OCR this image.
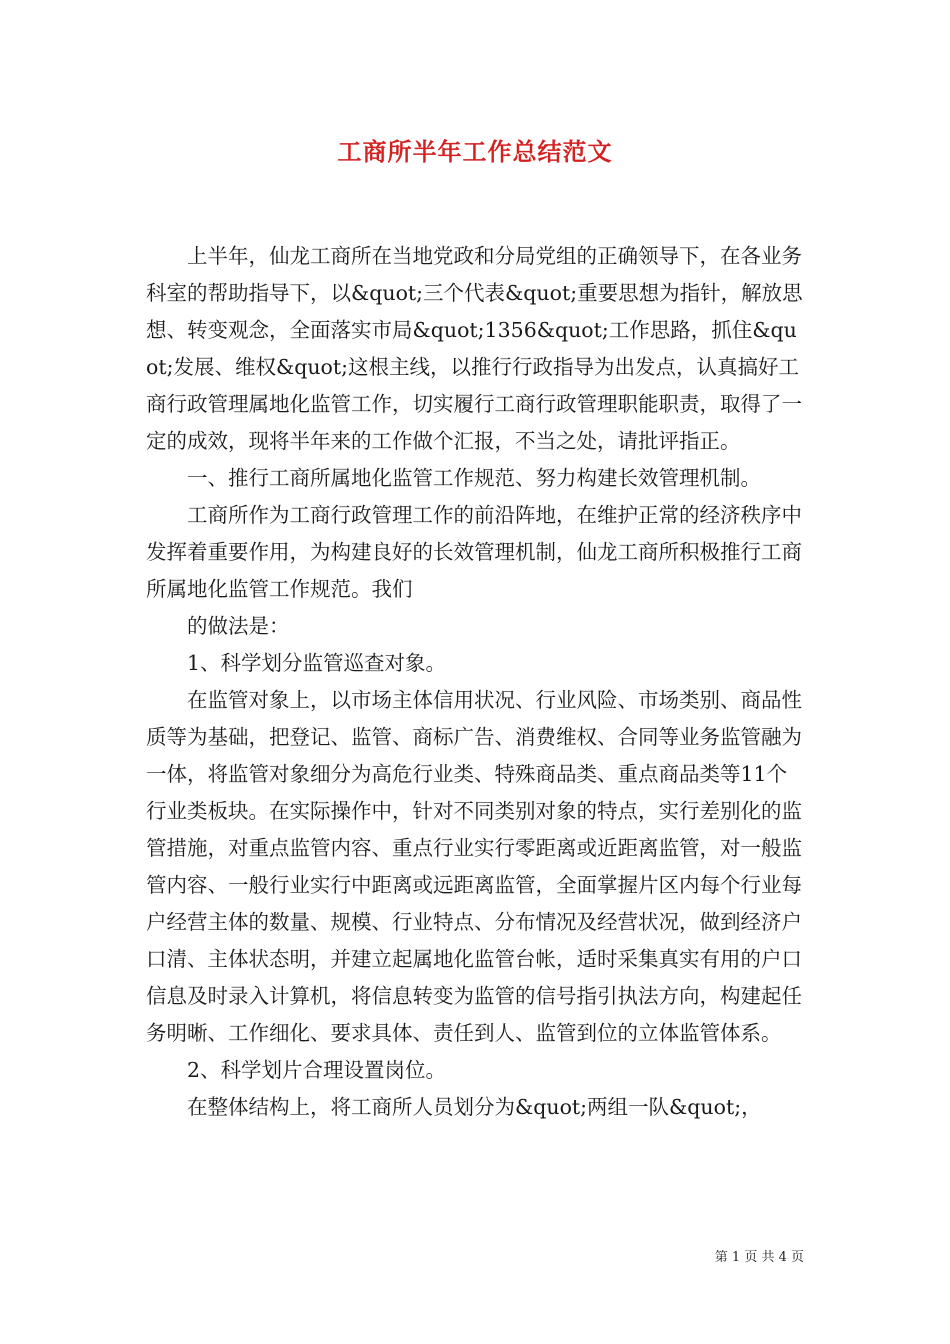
工商所半年工作总结范文

上半年，仙龙工商所在当地党政和分局党组的正确领导下，在各业务科室的帮助指导下，以&quot;三个代表&quot;重要思想为指针，解放思想、转变观念，全面落实市局&quot;1356&quot;工作思路，抓住&quot;发展、维权&quot;这根主线，以推行行政指导为出发点，认真搞好工商行政管理属地化监管工作，切实履行工商行政管理职能职责，取得了一定的成效，现将半年来的工作做个汇报，不当之处，请批评指正。

一、推行工商所属地化监管工作规范、努力构建长效管理机制。

工商所作为工商行政管理工作的前沿阵地，在维护正常的经济秩序中发挥着重要作用，为构建良好的长效管理机制，仙龙工商所积极推行工商所属地化监管工作规范。我们

的做法是：

1、科学划分监管巡查对象。

在监管对象上，以市场主体信用状况、行业风险、市场类别、商品性质等为基础，把登记、监管、商标广告、消费维权、合同等业务监管融为一体，将监管对象细分为高危行业类、特殊商品类、重点商品类等11个行业类板块。在实际操作中，针对不同类别对象的特点，实行差别化的监管措施，对重点监管内容、重点行业实行零距离或近距离监管，对一般监管内容、一般行业实行中距离或远距离监管，全面掌握片区内每个行业每户经营主体的数量、规模、行业特点、分布情况及经营状况，做到经济户口清、主体状态明，并建立起属地化监管台帐，适时采集真实有用的户口信息及时录入计算机，将信息转变为监管的信号指引执法方向，构建起任务明晰、工作细化、要求具体、责任到人、监管到位的立体监管体系。

2、科学划片合理设置岗位。

在整体结构上，将工商所人员划分为&quot;两组一队&quot;，

第 1 页 共 4 页
